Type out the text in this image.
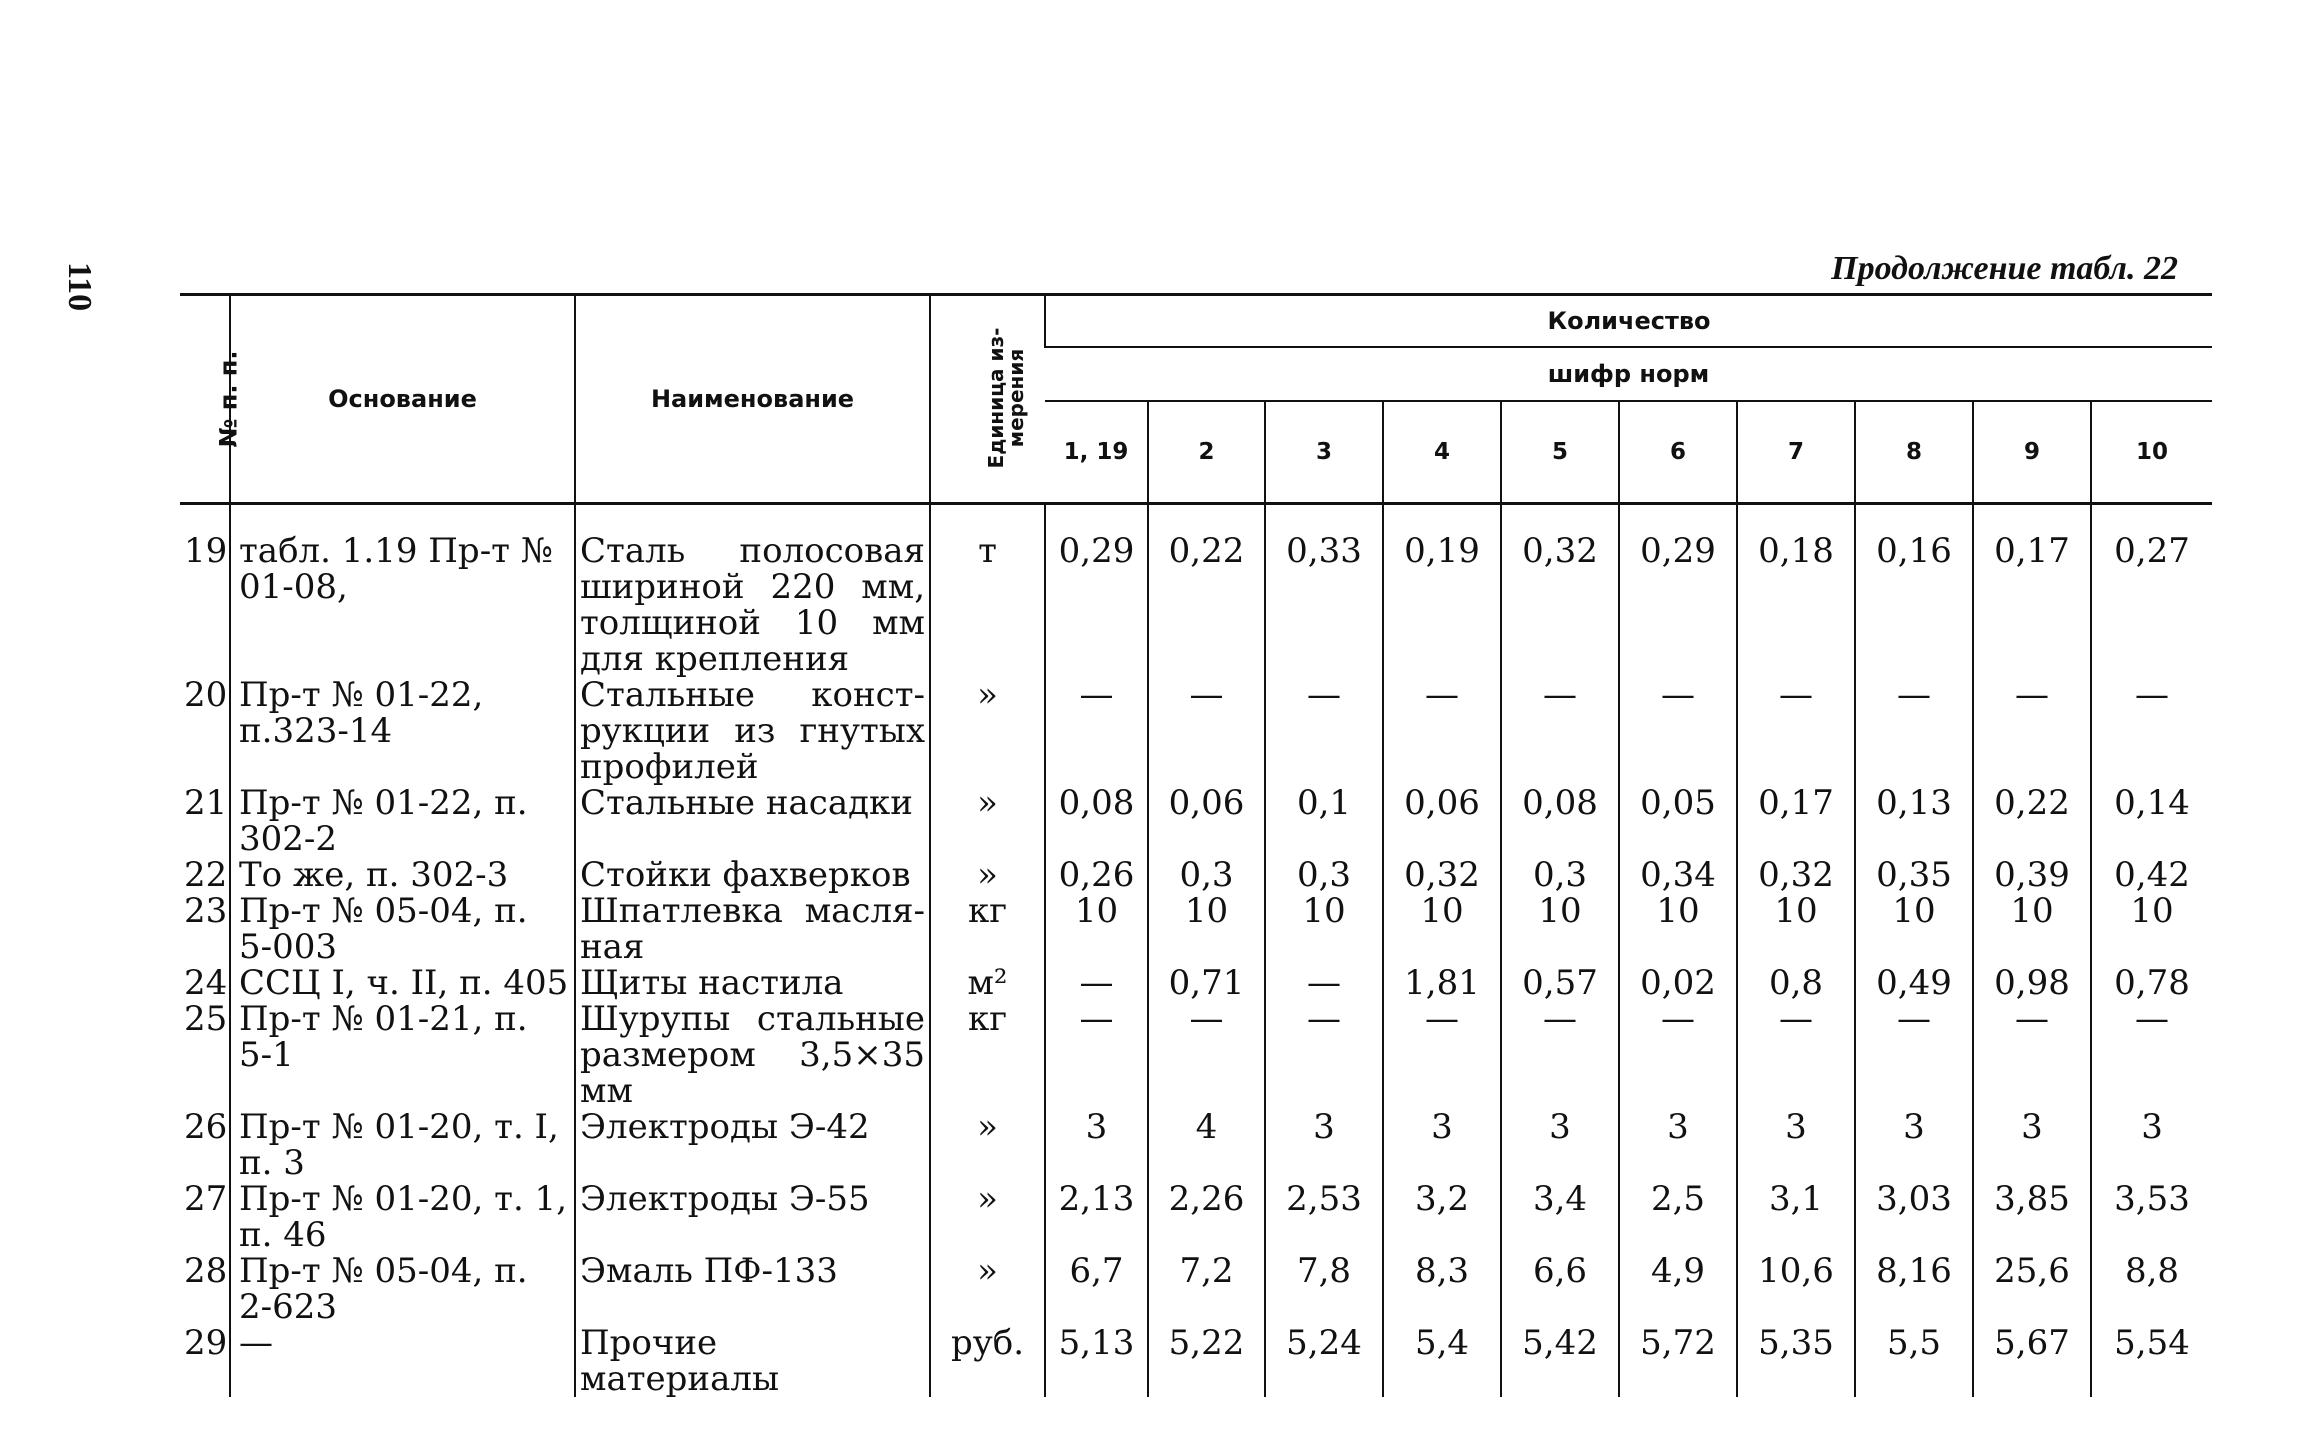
110	Продолжение табл. 22
№ п. п.	Основание	Наименование	Единица из- мерения	Количество									
				шифр норм									
				1, 19	2	3	4	5	6	7	8	9	10
19	табл. 1.19 Пр-т № 01-08,	Сталь полосовая шириной 220 мм, толщиной 10 мм для крепления	т	0,29	0,22	0,33	0,19	0,32	0,29	0,18	0,16	0,17	0,27
20	Пр-т № 01-22, п.323-14	Стальные конст- рукции из гнутых профилей	»	—	—	—	—	—	—	—	—	—	—
21	Пр-т № 01-22, п. 302-2	Стальные насадки	»	0,08	0,06	0,1	0,06	0,08	0,05	0,17	0,13	0,22	0,14
22	То же, п. 302-3	Стойки фахверков	»	0,26	0,3	0,3	0,32	0,3	0,34	0,32	0,35	0,39	0,42
23	Пр-т № 05-04, п. 5-003	Шпатлевка масля- ная	кг	10	10	10	10	10	10	10	10	10	10
24	ССЦ I, ч. II, п. 405	Щиты настила	м²	—	0,71	—	1,81	0,57	0,02	0,8	0,49	0,98	0,78
25	Пр-т № 01-21, п. 5-1	Шурупы стальные размером 3,5×35 мм	кг	—	—	—	—	—	—	—	—	—	—
26	Пр-т № 01-20, т. I, п. 3	Электроды Э-42	»	3	4	3	3	3	3	3	3	3	3
27	Пр-т № 01-20, т. 1, п. 46	Электроды Э-55	»	2,13	2,26	2,53	3,2	3,4	2,5	3,1	3,03	3,85	3,53
28	Пр-т № 05-04, п. 2-623	Эмаль ПФ-133	»	6,7	7,2	7,8	8,3	6,6	4,9	10,6	8,16	25,6	8,8
29	—	Прочие материалы	руб.	5,13	5,22	5,24	5,4	5,42	5,72	5,35	5,5	5,67	5,54
